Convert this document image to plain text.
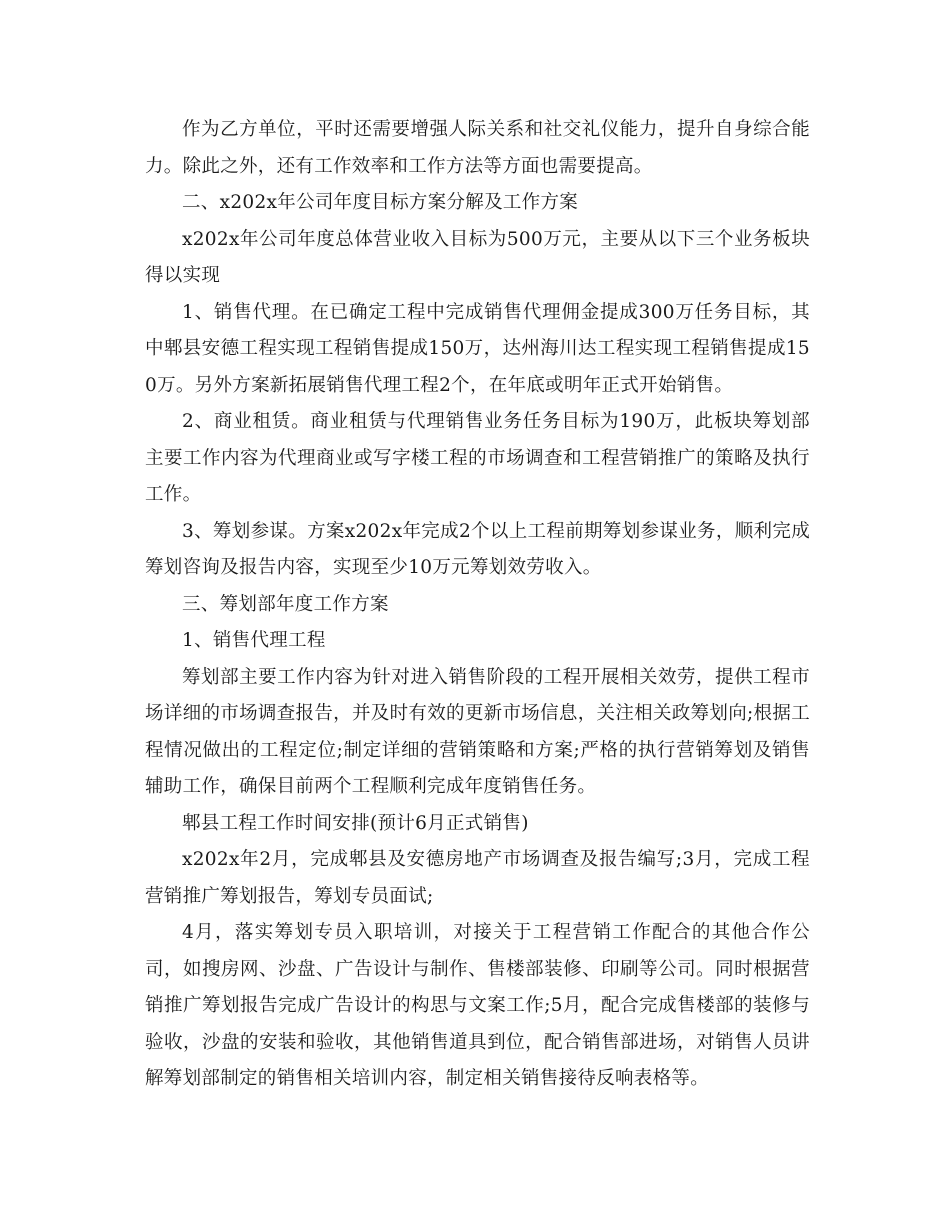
作为乙方单位，平时还需要增强人际关系和社交礼仪能力，提升自身综合能力。除此之外，还有工作效率和工作方法等方面也需要提高。

二、x202x年公司年度目标方案分解及工作方案

x202x年公司年度总体营业收入目标为500万元，主要从以下三个业务板块得以实现

1、销售代理。在已确定工程中完成销售代理佣金提成300万任务目标，其中郫县安德工程实现工程销售提成150万，达州海川达工程实现工程销售提成150万。另外方案新拓展销售代理工程2个，在年底或明年正式开始销售。

2、商业租赁。商业租赁与代理销售业务任务目标为190万，此板块筹划部主要工作内容为代理商业或写字楼工程的市场调查和工程营销推广的策略及执行工作。

3、筹划参谋。方案x202x年完成2个以上工程前期筹划参谋业务，顺利完成筹划咨询及报告内容，实现至少10万元筹划效劳收入。

三、筹划部年度工作方案

1、销售代理工程

筹划部主要工作内容为针对进入销售阶段的工程开展相关效劳，提供工程市场详细的市场调查报告，并及时有效的更新市场信息，关注相关政筹划向;根据工程情况做出的工程定位;制定详细的营销策略和方案;严格的执行营销筹划及销售辅助工作，确保目前两个工程顺利完成年度销售任务。

郫县工程工作时间安排(预计6月正式销售)

x202x年2月，完成郫县及安德房地产市场调查及报告编写;3月，完成工程营销推广筹划报告，筹划专员面试;

4月，落实筹划专员入职培训，对接关于工程营销工作配合的其他合作公司，如搜房网、沙盘、广告设计与制作、售楼部装修、印刷等公司。同时根据营销推广筹划报告完成广告设计的构思与文案工作;5月，配合完成售楼部的装修与验收，沙盘的安装和验收，其他销售道具到位，配合销售部进场，对销售人员讲解筹划部制定的销售相关培训内容，制定相关销售接待反响表格等。
